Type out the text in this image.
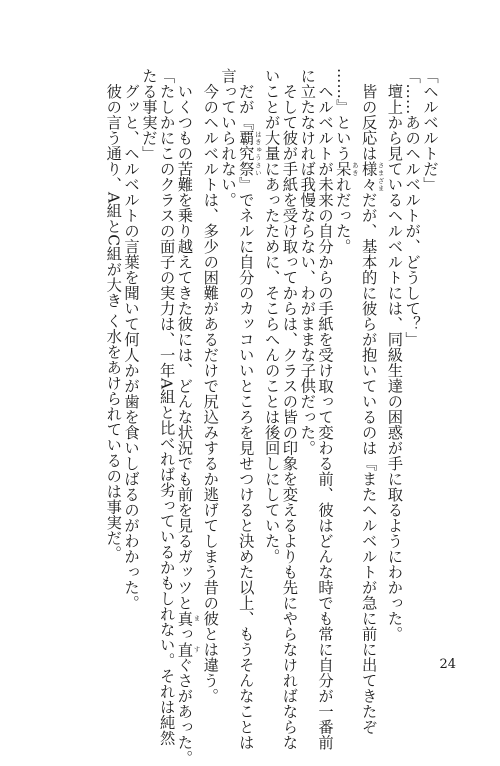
「ヘルベルトだ」
「……あのヘルベルトが、どうして？」
　壇上から見ているヘルベルトには、同級生達の困惑が手に取るようにわかった。
　皆の反応は様々 さまざまだが、基本的に彼らが抱いているのは『またヘルベルトが急に前に出てきたぞ
……』という呆 あきれだった。
　ヘルベルトが未来の自分からの手紙を受け取って変わる前、彼はどんな時でも常に自分が一番前
に立たなければ我慢ならない、わがままな子供だった。
　そして彼が手紙を受け取ってからは、クラスの皆の印象を変えるよりも先にやらなければならな
いことが大量にあったために、そこらへんのことは後回しにしていた。
　だが『覇究祭 はきゅうさい』でネルに自分のカッコいいところを見せつけると決めた以上、もうそんなことは
言っていられない。
　今のヘルベルトは、多少の困難があるだけで尻込みするか逃げてしまう昔の彼とは違う。
　いくつもの苦難を乗り越えてきた彼には、どんな状況でも前を見るガッツと真 まっ直 すぐさがあった。
「たしかにこのクラスの面子の実力は、一年A組と比べれば劣っているかもしれない。それは純然
たる事実だ」
　グッと、ヘルベルトの言葉を聞いて何人かが歯を食いしばるのがわかった。
　彼の言う通り、A組とC組が大き く水をあけられているのは事実だ。
24
